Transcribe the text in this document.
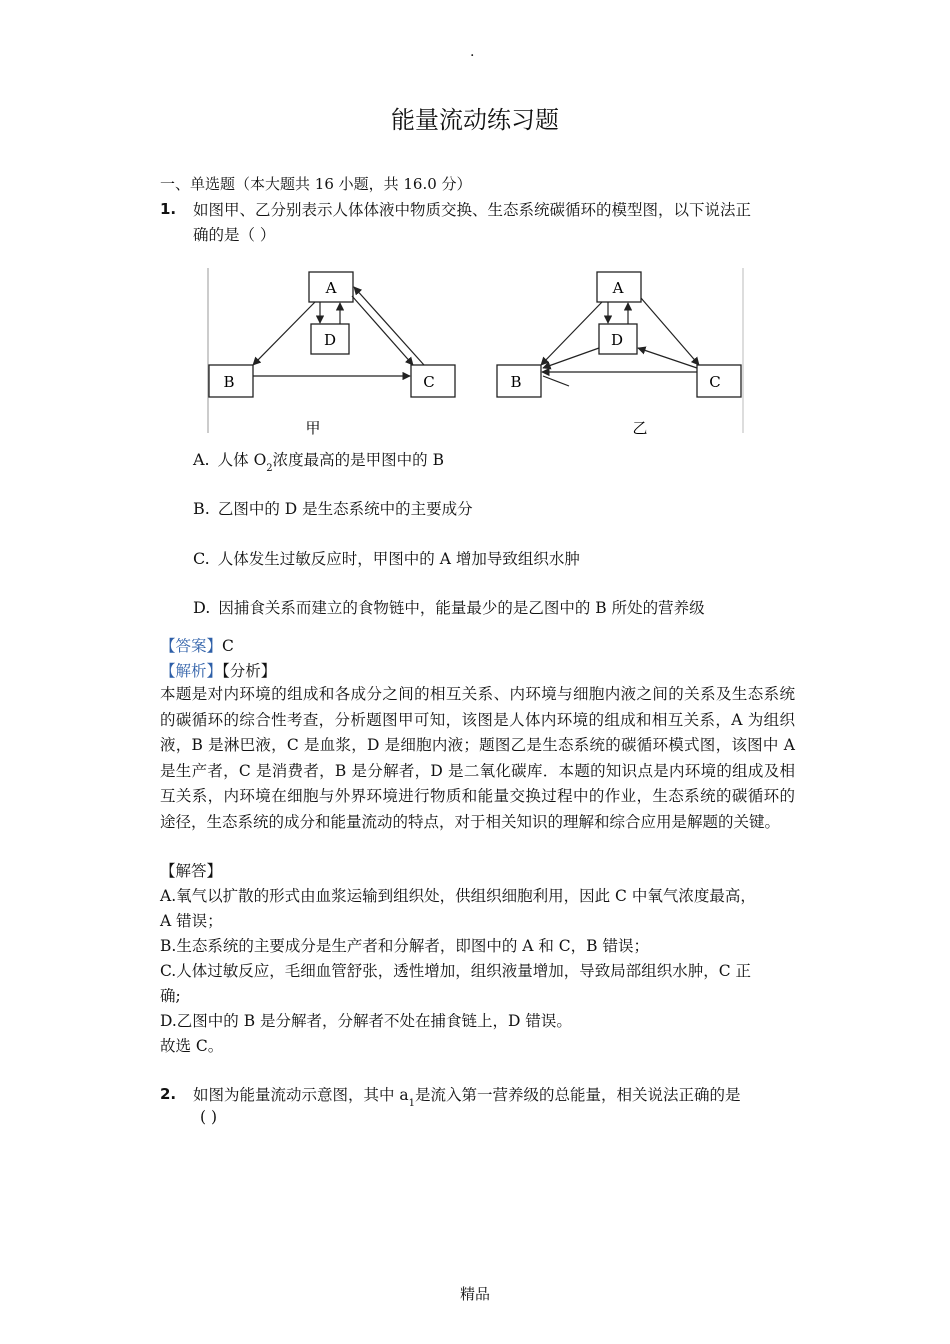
.
能量流动练习题
一、单选题（本大题共 16 小题，共 16.0 分）
1. 如图甲、乙分别表示人体体液中物质交换、生态系统碳循环的模型图，以下说法正
确的是（ ）
A
B	C
D
甲
A
B	C
D
乙
A. 人体 $O_2$浓度最高的是甲图中的 B
B. 乙图中的 D 是生态系统中的主要成分
C. 人体发生过敏反应时，甲图中的 A 增加导致组织水肿
D. 因捕食关系而建立的食物链中，能量最少的是乙图中的 B 所处的营养级
【答案】C
【解析】【分析】
本题是对内环境的组成和各成分之间的相互关系、内环境与细胞内液之间的关系及生态系统的碳循环的综合性考查，分析题图甲可知，该图是人体内环境的组成和相互关系，A 为组织液，B 是淋巴液，C 是血浆，D 是细胞内液；题图乙是生态系统的碳循环模式图，该图中 A 是生产者，C 是消费者，B 是分解者，D 是二氧化碳库．本题的知识点是内环境的组成及相互关系，内环境在细胞与外界环境进行物质和能量交换过程中的作业，生态系统的碳循环的途径，生态系统的成分和能量流动的特点，对于相关知识的理解和综合应用是解题的关键。
【解答】
A.氧气以扩散的形式由血浆运输到组织处，供组织细胞利用，因此 C 中氧气浓度最高，
A 错误；
B.生态系统的主要成分是生产者和分解者，即图中的 A 和 C，B 错误；
C.人体过敏反应，毛细血管舒张，透性增加，组织液量增加，导致局部组织水肿，C 正
确;
D.乙图中的 B 是分解者，分解者不处在捕食链上，D 错误。
故选 C。
2. 如图为能量流动示意图，其中 $a_1$是流入第一营养级的总能量，相关说法正确的是
( )
精品
